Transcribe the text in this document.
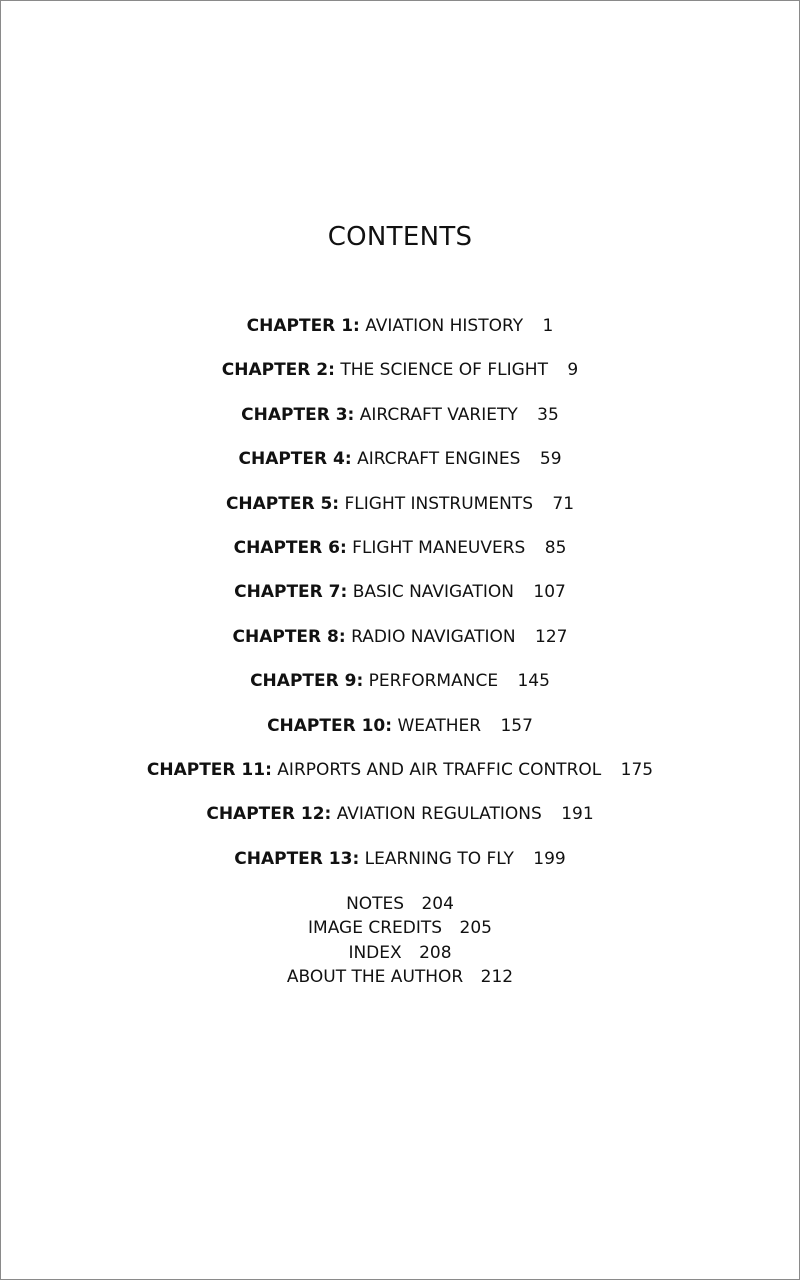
CONTENTS
CHAPTER 1: AVIATION HISTORY 1
CHAPTER 2: THE SCIENCE OF FLIGHT 9
CHAPTER 3: AIRCRAFT VARIETY 35
CHAPTER 4: AIRCRAFT ENGINES 59
CHAPTER 5: FLIGHT INSTRUMENTS 71
CHAPTER 6: FLIGHT MANEUVERS 85
CHAPTER 7: BASIC NAVIGATION 107
CHAPTER 8: RADIO NAVIGATION 127
CHAPTER 9: PERFORMANCE 145
CHAPTER 10: WEATHER 157
CHAPTER 11: AIRPORTS AND AIR TRAFFIC CONTROL 175
CHAPTER 12: AVIATION REGULATIONS 191
CHAPTER 13: LEARNING TO FLY 199
NOTES 204
IMAGE CREDITS 205
INDEX 208
ABOUT THE AUTHOR 212
